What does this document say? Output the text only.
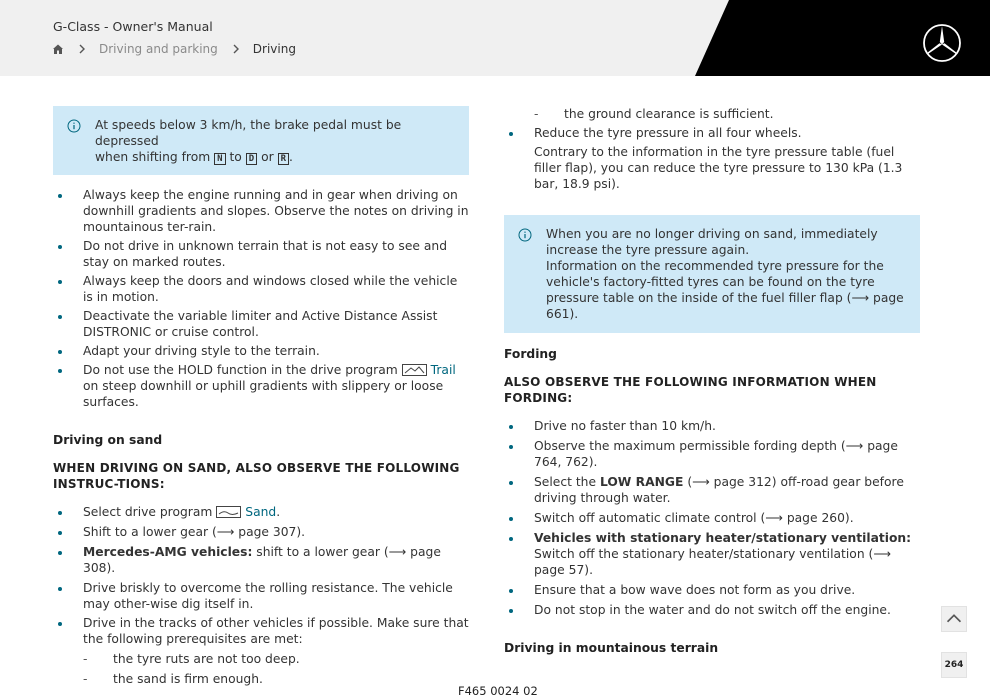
G-Class - Owner's Manual
Driving and parking	Driving
At speeds below 3 km/h, the brake pedal must be depressed
when shifting from N to D or R .
Always keep the engine running and in gear when driving on downhill gradients and slopes. Observe the notes on driving in mountainous ter-rain.
Do not drive in unknown terrain that is not easy to see and stay on marked routes.
Always keep the doors and windows closed while the vehicle is in motion.
Deactivate the variable limiter and Active Distance Assist DISTRONIC or cruise control.
Adapt your driving style to the terrain.
Do not use the HOLD function in the drive program	Trail on steep downhill or uphill gradients with slippery or loose surfaces.
Driving on sand
WHEN DRIVING ON SAND, ALSO OBSERVE THE FOLLOWING INSTRUC-TIONS:
Select drive program	Sand.
Shift to a lower gear (⟶ page 307).
Mercedes-AMG vehicles: shift to a lower gear (⟶ page 308).
Drive briskly to overcome the rolling resistance. The vehicle may other-wise dig itself in.
Drive in the tracks of other vehicles if possible. Make sure that the following prerequisites are met:
- the tyre ruts are not too deep.
- the sand is firm enough.
- the ground clearance is sufficient.
Reduce the tyre pressure in all four wheels.
Contrary to the information in the tyre pressure table (fuel filler flap), you can reduce the tyre pressure to 130 kPa (1.3 bar, 18.9 psi).
When you are no longer driving on sand, immediately increase the tyre pressure again.
Information on the recommended tyre pressure for the vehicle's factory-fitted tyres can be found on the tyre pressure table on the inside of the fuel filler flap (⟶ page 661).
Fording
ALSO OBSERVE THE FOLLOWING INFORMATION WHEN FORDING:
Drive no faster than 10 km/h.
Observe the maximum permissible fording depth (⟶ page 764, 762).
Select the LOW RANGE (⟶ page 312) off-road gear before driving through water.
Switch off automatic climate control (⟶ page 260).
Vehicles with stationary heater/stationary ventilation: Switch off the stationary heater/stationary ventilation (⟶ page 57).
Ensure that a bow wave does not form as you drive.
Do not stop in the water and do not switch off the engine.
Driving in mountainous terrain
264
F465 0024 02
